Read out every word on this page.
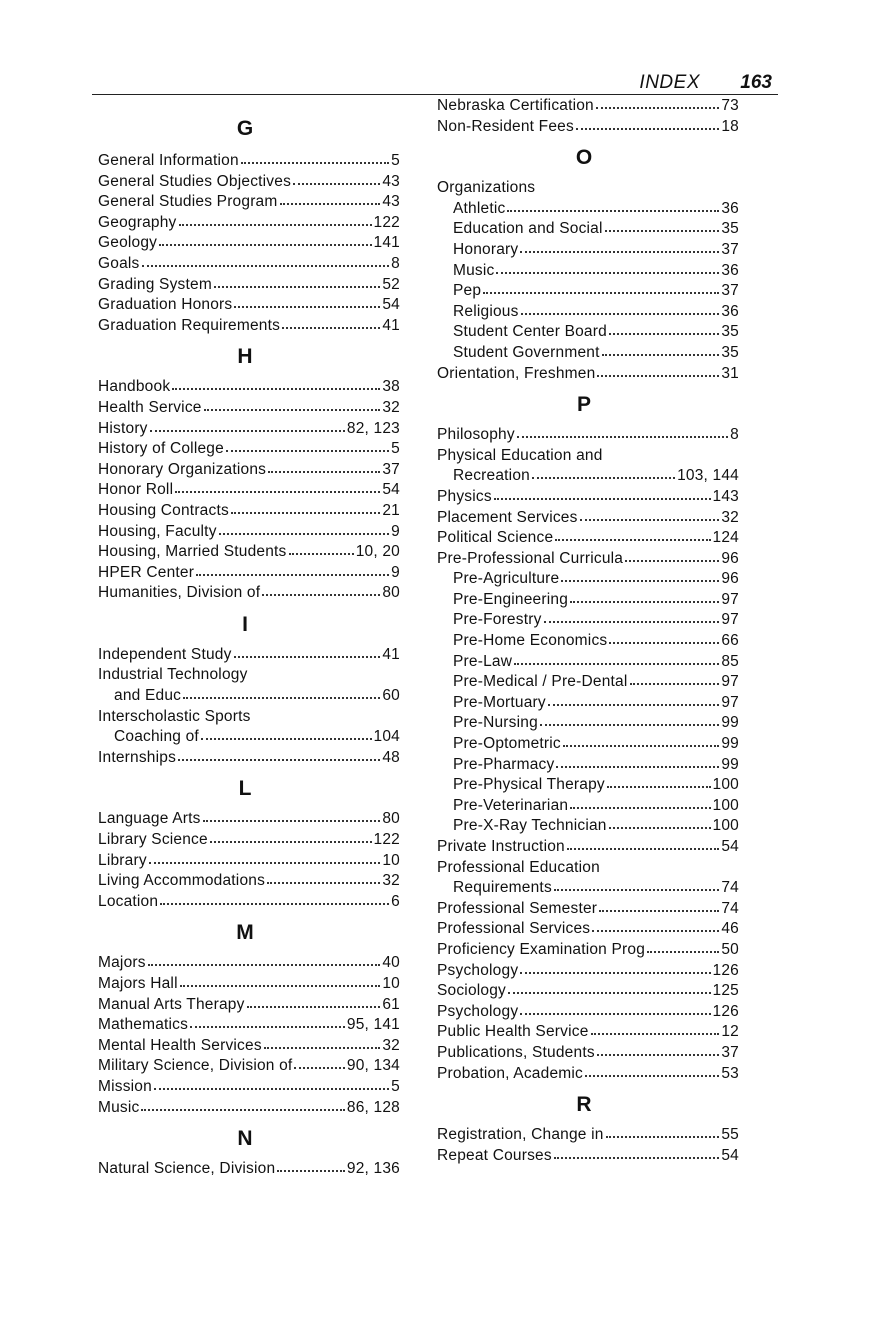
INDEX 163
G
General Information	5
General Studies Objectives	43
General Studies Program	43
Geography	122
Geology	141
Goals	8
Grading System	52
Graduation Honors	54
Graduation Requirements	41
H
Handbook	38
Health Service	32
History	82, 123
History of College	5
Honorary Organizations	37
Honor Roll	54
Housing Contracts	21
Housing, Faculty	9
Housing, Married Students	10, 20
HPER Center	9
Humanities, Division of	80
I
Independent Study	41
Industrial Technology
and Educ	60
Interscholastic Sports
Coaching of	104
Internships	48
L
Language Arts	80
Library Science	122
Library	10
Living Accommodations	32
Location	6
M
Majors	40
Majors Hall	10
Manual Arts Therapy	61
Mathematics	95, 141
Mental Health Services	32
Military Science, Division of	90, 134
Mission	5
Music	86, 128
N
Natural Science, Division	92, 136
Nebraska Certification	73
Non-Resident Fees	18
O
Organizations
Athletic	36
Education and Social	35
Honorary	37
Music	36
Pep	37
Religious	36
Student Center Board	35
Student Government	35
Orientation, Freshmen	31
P
Philosophy	8
Physical Education and
Recreation	103, 144
Physics	143
Placement Services	32
Political Science	124
Pre-Professional Curricula	96
Pre-Agriculture	96
Pre-Engineering	97
Pre-Forestry	97
Pre-Home Economics	66
Pre-Law	85
Pre-Medical / Pre-Dental	97
Pre-Mortuary	97
Pre-Nursing	99
Pre-Optometric	99
Pre-Pharmacy	99
Pre-Physical Therapy	100
Pre-Veterinarian	100
Pre-X-Ray Technician	100
Private Instruction	54
Professional Education
Requirements	74
Professional Semester	74
Professional Services	46
Proficiency Examination Prog	50
Psychology	126
Sociology	125
Psychology	126
Public Health Service	12
Publications, Students	37
Probation, Academic	53
R
Registration, Change in	55
Repeat Courses	54
